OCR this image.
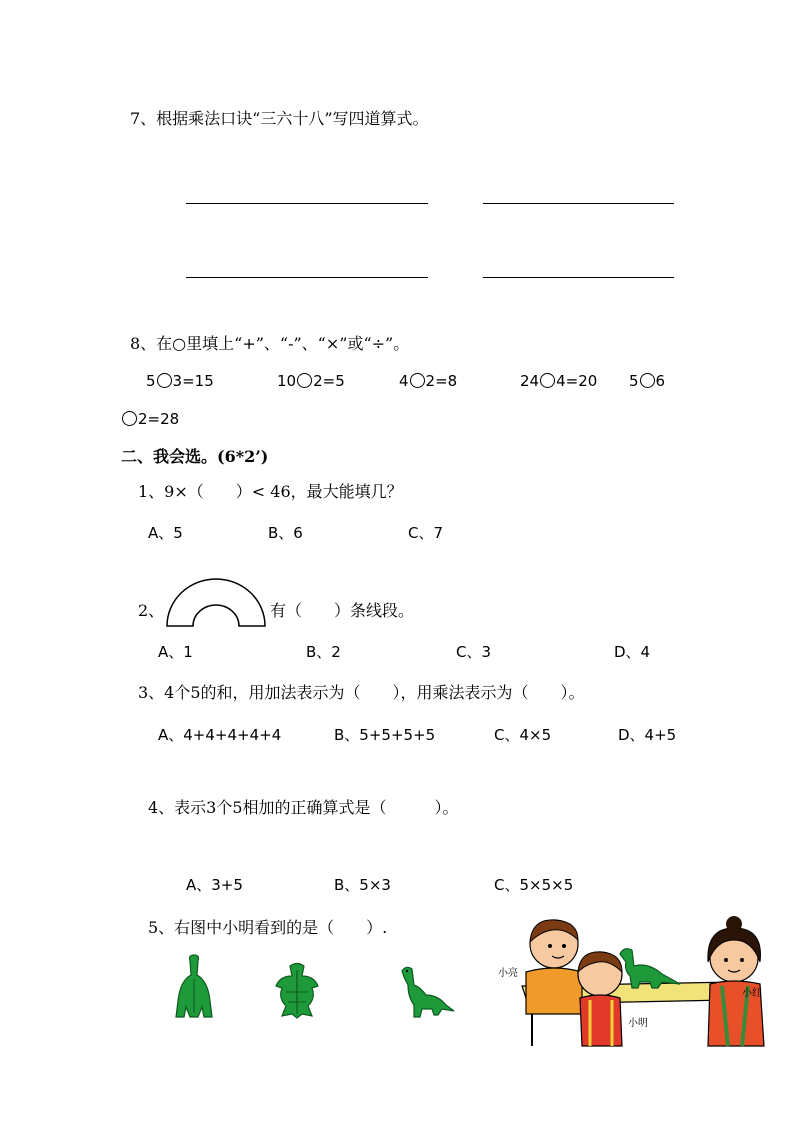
7、根据乘法口诀“三六十八”写四道算式。
8、在○里填上“+”、“-”、“×”或“÷”。
5 3=15	10 2=5	4 2=8	24 4=20 5 6
2=28
二、我会选。(6*2’)
1、9×（　　）< 46，最大能填几？
A、5	B、6	C、7
2、	有（　　）条线段。
A、1	B、2	C、3	D、4
3、4个5的和，用加法表示为（　　），用乘法表示为（　　）。
A、4+4+4+4+4	B、5+5+5+5	C、4×5	D、4+5
4、表示3个5相加的正确算式是（　　　）。
A、3+5	B、5×3	C、5×5×5
5、右图中小明看到的是（　　）.
小亮
小明
小红
